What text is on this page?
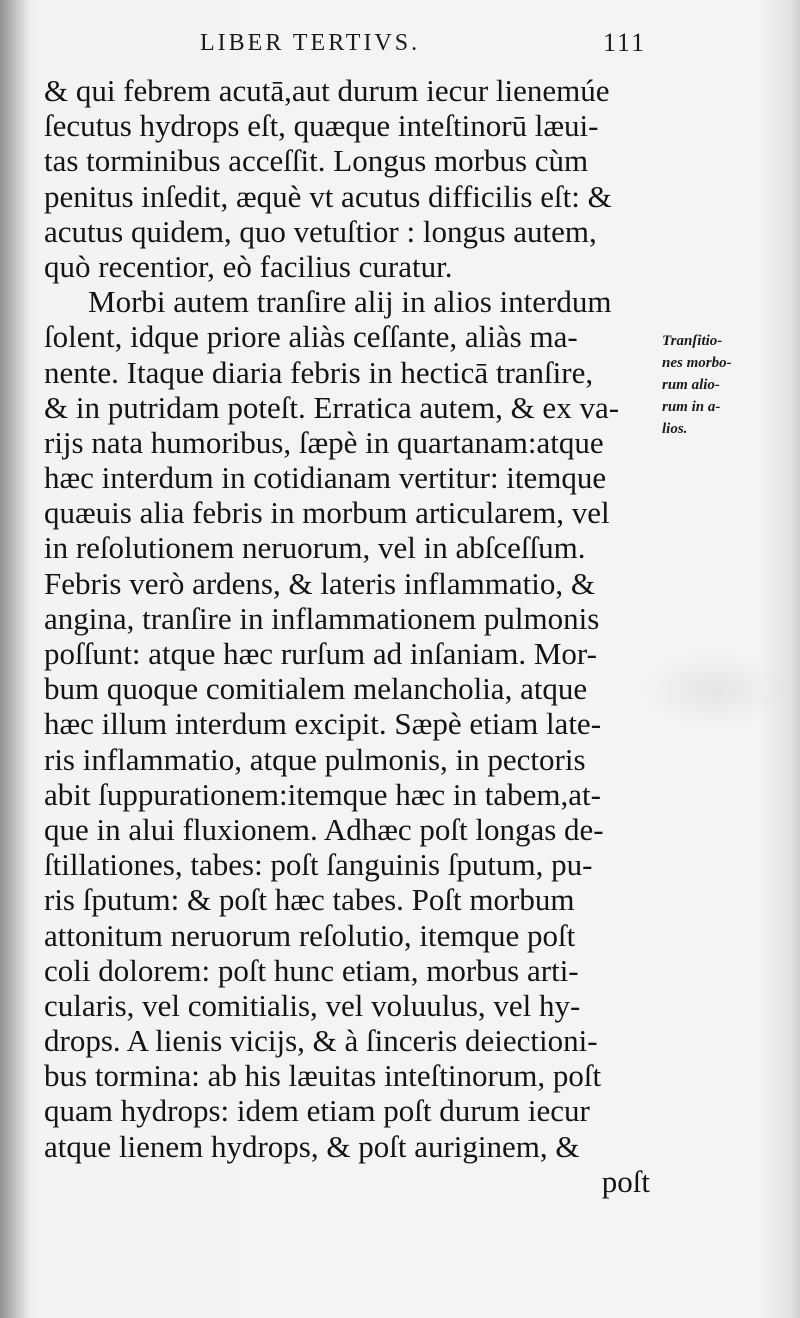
LIBER TERTIVS.	111
& qui febrem acutā,aut durum iecur lienemúe
ſecutus hydrops eſt, quæque inteſtinorū læui-
tas torminibus acceſſit. Longus morbus cùm
penitus inſedit, æquè vt acutus difficilis eſt: &
acutus quidem, quo vetuſtior : longus autem,
quò recentior, eò facilius curatur.
Morbi autem tranſire alij in alios interdum
ſolent, idque priore aliàs ceſſante, aliàs ma-
nente. Itaque diaria febris in hecticā tranſire,
& in putridam poteſt. Erratica autem, & ex va-
rijs nata humoribus, ſæpè in quartanam:atque
hæc interdum in cotidianam vertitur: itemque
quæuis alia febris in morbum articularem, vel
in reſolutionem neruorum, vel in abſceſſum.
Febris verò ardens, & lateris inflammatio, &
angina, tranſire in inflammationem pulmonis
poſſunt: atque hæc rurſum ad inſaniam. Mor-
bum quoque comitialem melancholia, atque
hæc illum interdum excipit. Sæpè etiam late-
ris inflammatio, atque pulmonis, in pectoris
abit ſuppurationem:itemque hæc in tabem,at-
que in alui fluxionem. Adhæc poſt longas de-
ſtillationes, tabes: poſt ſanguinis ſputum, pu-
ris ſputum: & poſt hæc tabes. Poſt morbum
attonitum neruorum reſolutio, itemque poſt
coli dolorem: poſt hunc etiam, morbus arti-
cularis, vel comitialis, vel voluulus, vel hy-
drops. A lienis vicijs, & à ſinceris deiectioni-
bus tormina: ab his læuitas inteſtinorum, poſt
quam hydrops: idem etiam poſt durum iecur
atque lienem hydrops, & poſt auriginem, &
poſt
Tranſitio-
nes morbo-
rum alio-
rum in a-
lios.
